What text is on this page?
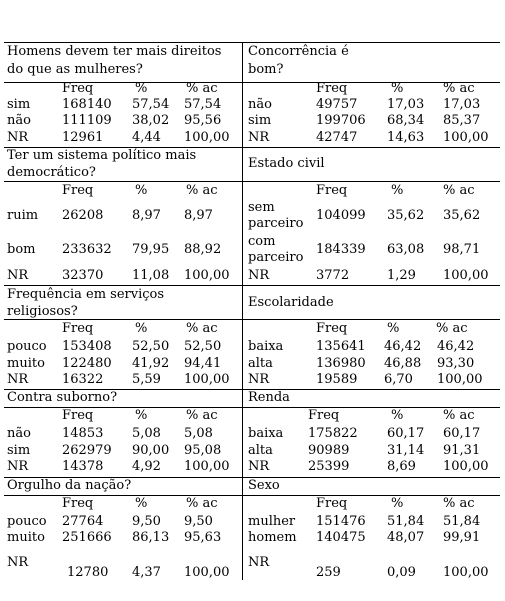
Homens devem ter mais direitos
do que as mulheres?
Freq	%	% ac
sim 168140 57,54 57,54
não 111109 38,02 95,56
NR	12961 4,44 100,00
Concorrência é
bom?
Freq	%	% ac
não	49757 17,03 17,03
sim	199706 68,34 85,37
NR	42747 14,63 100,00
Ter um sistema político mais
democrático?
Freq	%	% ac
ruim 26208 8,97 8,97
bom 233632 79,95 88,92
NR	32370 11,08 100,00
Estado civil
Freq	%	% ac
sem parceiro
104099 35,62 35,62
com parceiro
184339 63,08 98,71
NR	3772	1,29 100,00
Frequência em serviços
religiosos?
Freq	%	% ac
pouco 153408 52,50 52,50
muito 122480 41,92 94,41
NR	16322 5,59 100,00
Escolaridade
Freq	%	% ac
baixa	135641 46,42 46,42
alta	136980 46,88 93,30
NR	19589 6,70 100,00
Contra suborno?
Freq	%	% ac
não 14853 5,08 5,08
sim 262979 90,00 95,08
NR	14378 4,92 100,00
Renda
Freq	%	% ac
baixa 175822 60,17 60,17
alta	90989	31,14 91,31
NR	25399	8,69 100,00
Orgulho da nação?
Freq	%	% ac
pouco 27764 9,50 9,50
muito 251666 86,13 95,63
NR
12780 4,37 100,00
Sexo
Freq	%	% ac
mulher 151476 51,84 51,84
homem 140475 48,07 99,91
NR
259	0,09 100,00
